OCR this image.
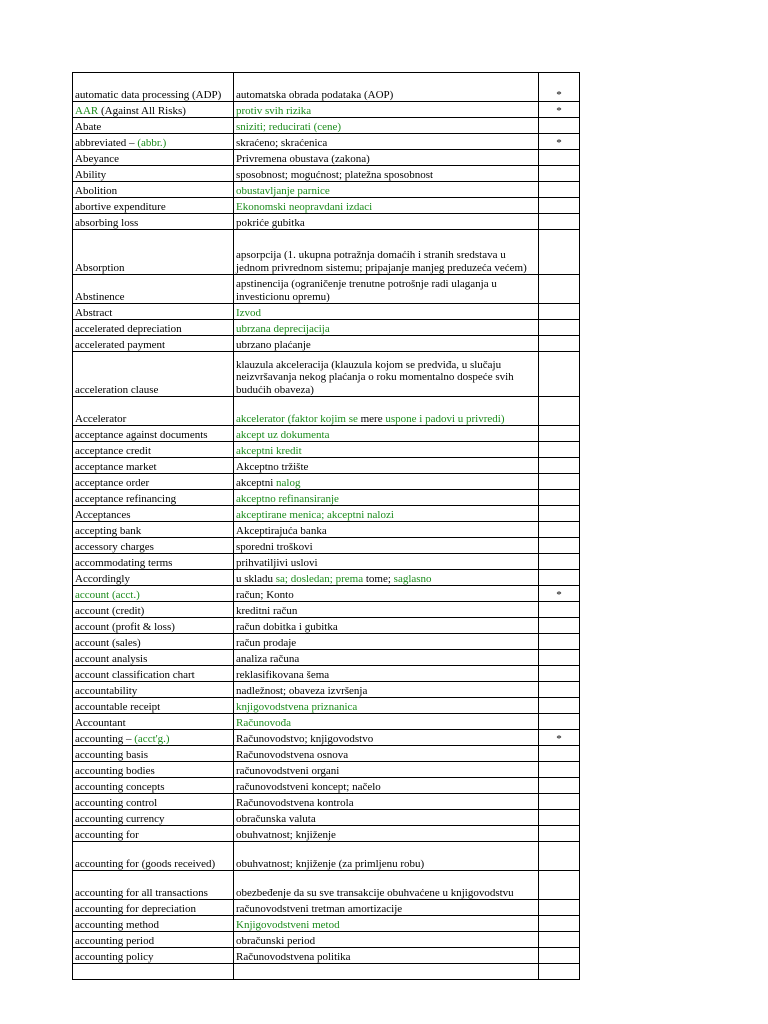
automatic data processing (ADP)	automatska obrada podataka (AOP)	*
AAR (Against All Risks)	protiv svih rizika	*
Abate	sniziti; reducirati (cene)	
abbreviated – (abbr.)	skraćeno; skraćenica	*
Abeyance	Privremena obustava (zakona)	
Ability	sposobnost; mogućnost; platežna sposobnost	
Abolition	obustavljanje parnice	
abortive expenditure	Ekonomski neopravdani izdaci	
absorbing loss	pokriće gubitka	
Absorption	apsorpcija (1. ukupna potražnja domaćih i stranih sredstava u jednom privrednom sistemu; pripajanje manjeg preduzeća većem)	
Abstinence	apstinencija (ograničenje trenutne potrošnje radi ulaganja u investicionu opremu)	
Abstract	Izvod	
accelerated depreciation	ubrzana deprecijacija	
accelerated payment	ubrzano plaćanje	
acceleration clause	klauzula akceleracija (klauzula kojom se predviđa, u slučaju neizvršavanja nekog plaćanja o roku momentalno dospeće svih budućih obaveza)	
Accelerator	akcelerator (faktor kojim se mere uspone i padovi u privredi)	
acceptance against documents	akcept uz dokumenta	
acceptance credit	akceptni kredit	
acceptance market	Akceptno tržište	
acceptance order	akceptni nalog	
acceptance refinancing	akceptno refinansiranje	
Acceptances	akceptirane menica; akceptni nalozi	
accepting bank	Akceptirajuća banka	
accessory charges	sporedni troškovi	
accommodating terms	prihvatiljivi uslovi	
Accordingly	u skladu sa; dosledan; prema tome; saglasno	
account (acct.)	račun; Konto	*
account (credit)	kreditni račun	
account (profit & loss)	račun dobitka i gubitka	
account (sales)	račun prodaje	
account analysis	analiza računa	
account classification chart	reklasifikovana šema	
accountability	nadležnost; obaveza izvršenja	
accountable receipt	knjigovodstvena priznanica	
Accountant	Računovođa	
accounting – (acct'g.)	Računovodstvo; knjigovodstvo	*
accounting basis	Računovodstvena osnova	
accounting bodies	računovodstveni organi	
accounting concepts	računovodstveni koncept; načelo	
accounting control	Računovodstvena kontrola	
accounting currency	obračunska valuta	
accounting for	obuhvatnost; knjiženje	
accounting for (goods received)	obuhvatnost; knjiženje (za primljenu robu)	
accounting for all transactions	obezbeđenje da su sve transakcije obuhvaćene u knjigovodstvu	
accounting for depreciation	računovodstveni tretman amortizacije	
accounting method	Knjigovodstveni metod	
accounting period	obračunski period	
accounting policy	Računovodstvena politika	
